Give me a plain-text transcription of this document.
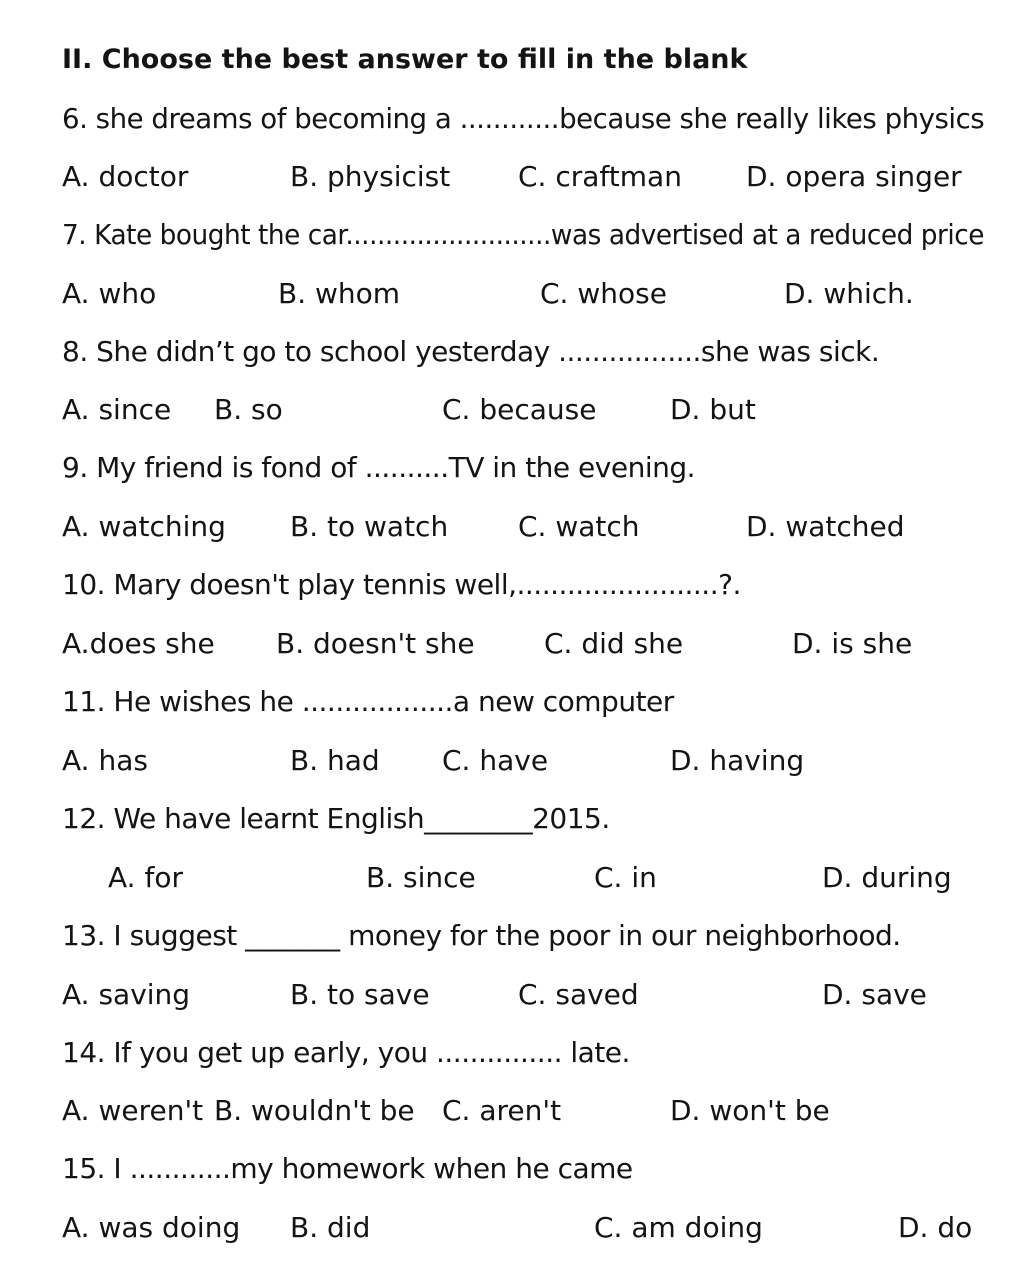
II. Choose the best answer to fill in the blank
6. she dreams of becoming a ............because she really likes physics
A. doctor	B. physicist C. craftman D. opera singer
7. Kate bought the car..........................was advertised at a reduced price
A. who	B. whom	C. whose	D. which.
8. She didn’t go to school yesterday .................she was sick.
A. since B. so	C. because	D. but
9. My friend is fond of ..........TV in the evening.
A. watching B. to watch C. watch	D. watched
10. Mary doesn't play tennis well,........................?.
A.does she B. doesn't she C. did she	D. is she
11. He wishes he ..................a new computer
A. has	B. had C. have	D. having
12. We have learnt English________2015.
A. for	B. since	C. in	D. during
13. I suggest _______ money for the poor in our neighborhood.
A. saving	B. to save	C. saved	D. save
14. If you get up early, you ............... late.
A. weren't B. wouldn't be C. aren't	D. won't be
15. I ............my homework when he came
A. was doing B. did	C. am doing	D. do
